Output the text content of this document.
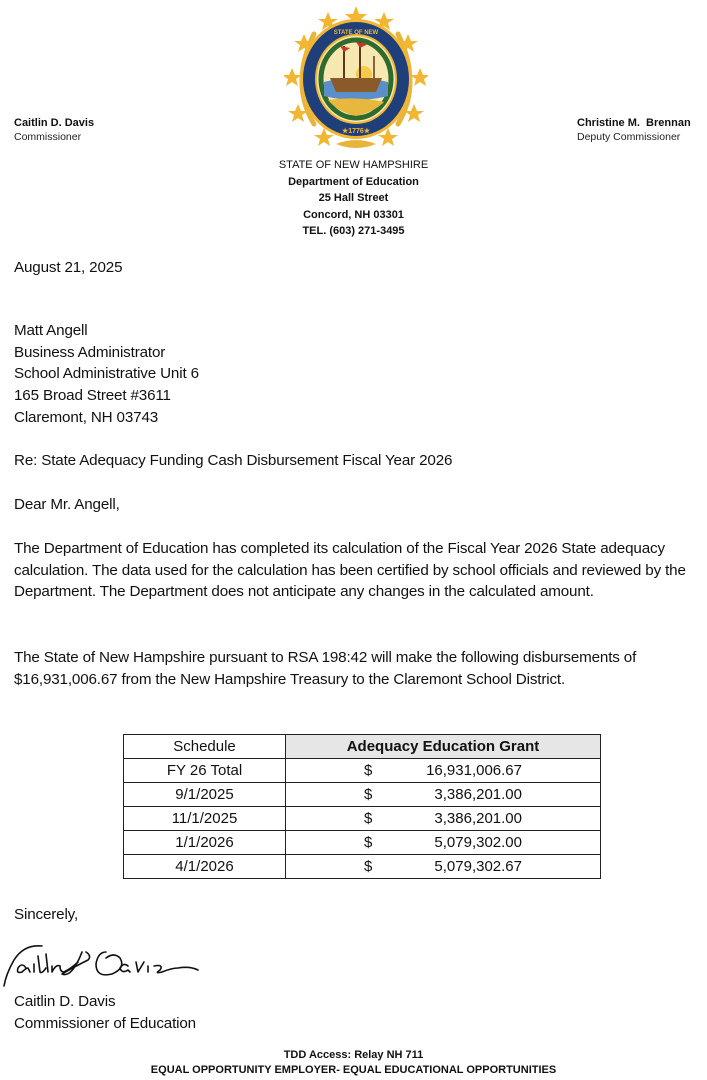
Caitlin D. Davis
Commissioner
Christine M.  Brennan
Deputy Commissioner
STATE OF NEW
★1776★
STATE OF NEW HAMPSHIRE
Department of Education
25 Hall Street
Concord, NH 03301
TEL. (603) 271-3495
August 21, 2025
Matt Angell
Business Administrator
School Administrative Unit 6
165 Broad Street #3611
Claremont, NH 03743
Re: State Adequacy Funding Cash Disbursement Fiscal Year 2026
Dear Mr. Angell,

The Department of Education has completed its calculation of the Fiscal Year 2026 State adequacy calculation. The data used for the calculation has been certified by school officials and reviewed by the Department. The Department does not anticipate any changes in the calculated amount.

The State of New Hampshire pursuant to RSA 198:42 will make the following disbursements of $16,931,006.67 from the New Hampshire Treasury to the Claremont School District.

Schedule	Adequacy Education Grant
FY 26 Total	$ 16,931,006.67

9/1/2025	$ 3,386,201.00

11/1/2025	$ 3,386,201.00

1/1/2026	$ 5,079,302.00

4/1/2026	$ 5,079,302.67
Sincerely,
Caitlin D. Davis
Commissioner of Education
TDD Access: Relay NH 711
EQUAL OPPORTUNITY EMPLOYER- EQUAL EDUCATIONAL OPPORTUNITIES
